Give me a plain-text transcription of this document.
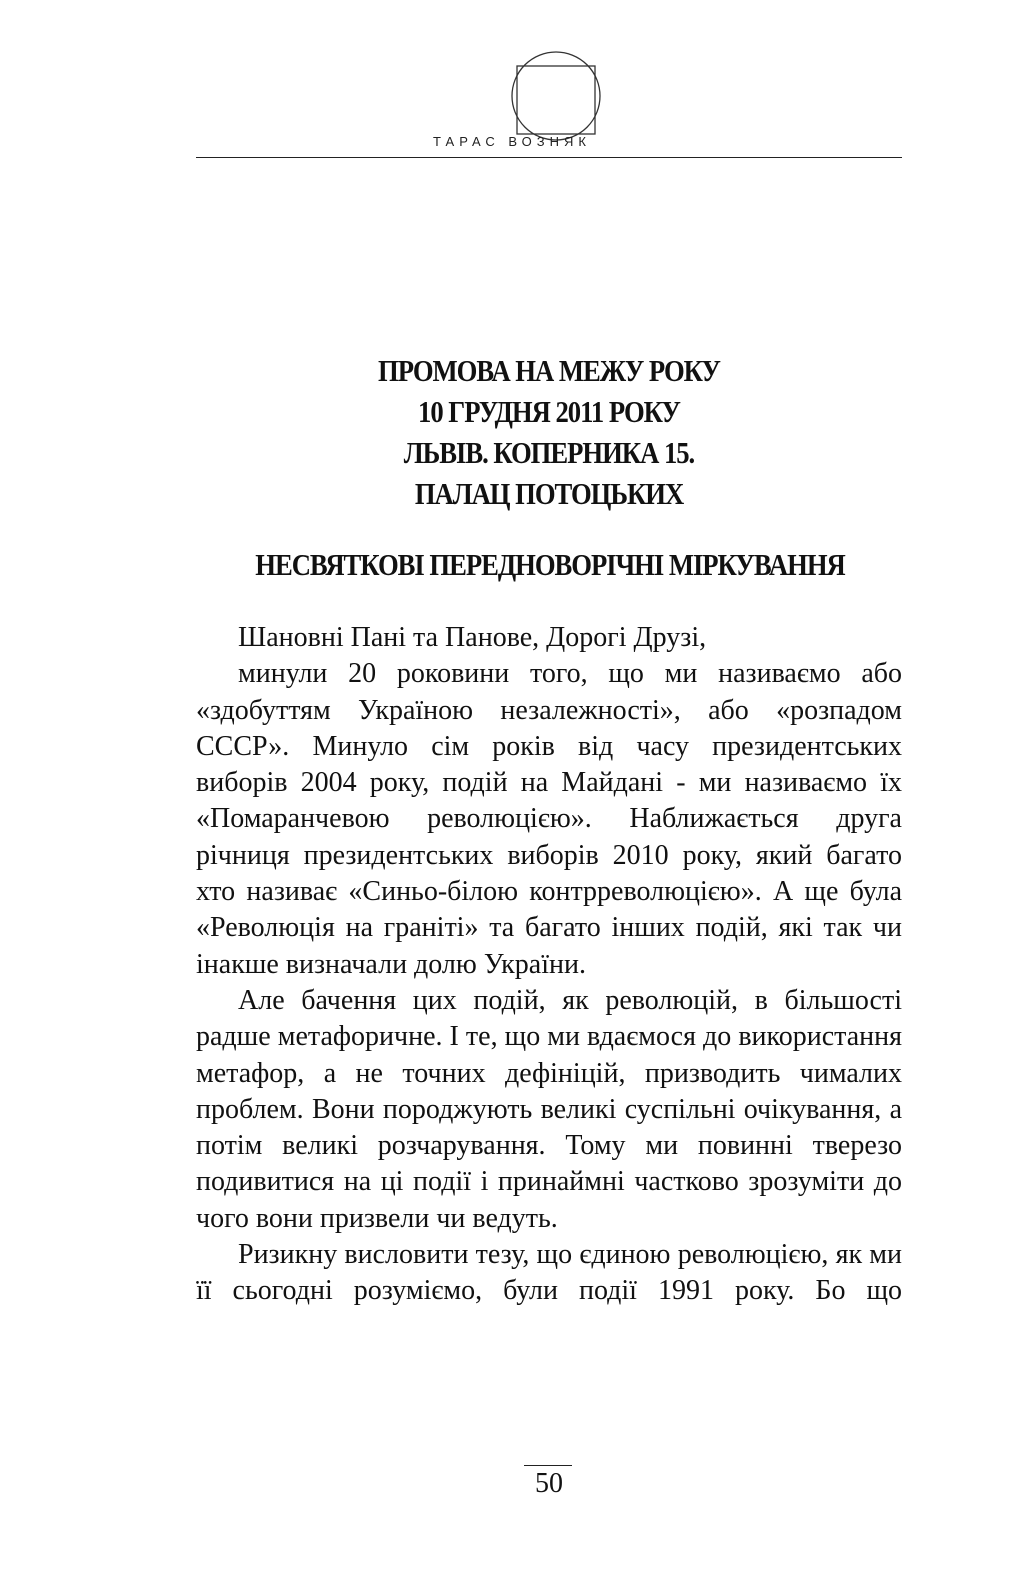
ТАРАС ВОЗНЯК
ПРОМОВА НА МЕЖУ РОКУ
10 ГРУДНЯ 2011 РОКУ
ЛЬВІВ. КОПЕРНИКА 15.
ПАЛАЦ ПОТОЦЬКИХ
НЕСВЯТКОВІ ПЕРЕДНОВОРІЧНІ МІРКУВАННЯ

Шановні Пані та Панове, Дорогі Друзі,

минули 20 роковини того, що ми називаємо або «здобуттям Україною незалежності», або «розпадом СССР». Минуло сім років від часу президентських виборів 2004 року, подій на Майдані - ми називаємо їх «Помаранчевою революцією». Наближається друга річниця президентських виборів 2010 року, який багато хто називає «Синьо-білою контрреволюцією». А ще була «Революція на граніті» та багато інших подій, які так чи інакше визначали долю України.

Але бачення цих подій, як революцій, в більшості радше метафоричне. І те, що ми вдаємося до використання метафор, а не точних дефініцій, призводить чималих проблем. Вони породжують великі суспільні очікування, а потім великі розчарування. Тому ми повинні тверезо подивитися на ці події і принаймні частково зрозуміти до чого вони призвели чи ведуть.

Ризикну висловити тезу, що єдиною революцією, як ми її сьогодні розуміємо, були події 1991 року. Бо що

50
